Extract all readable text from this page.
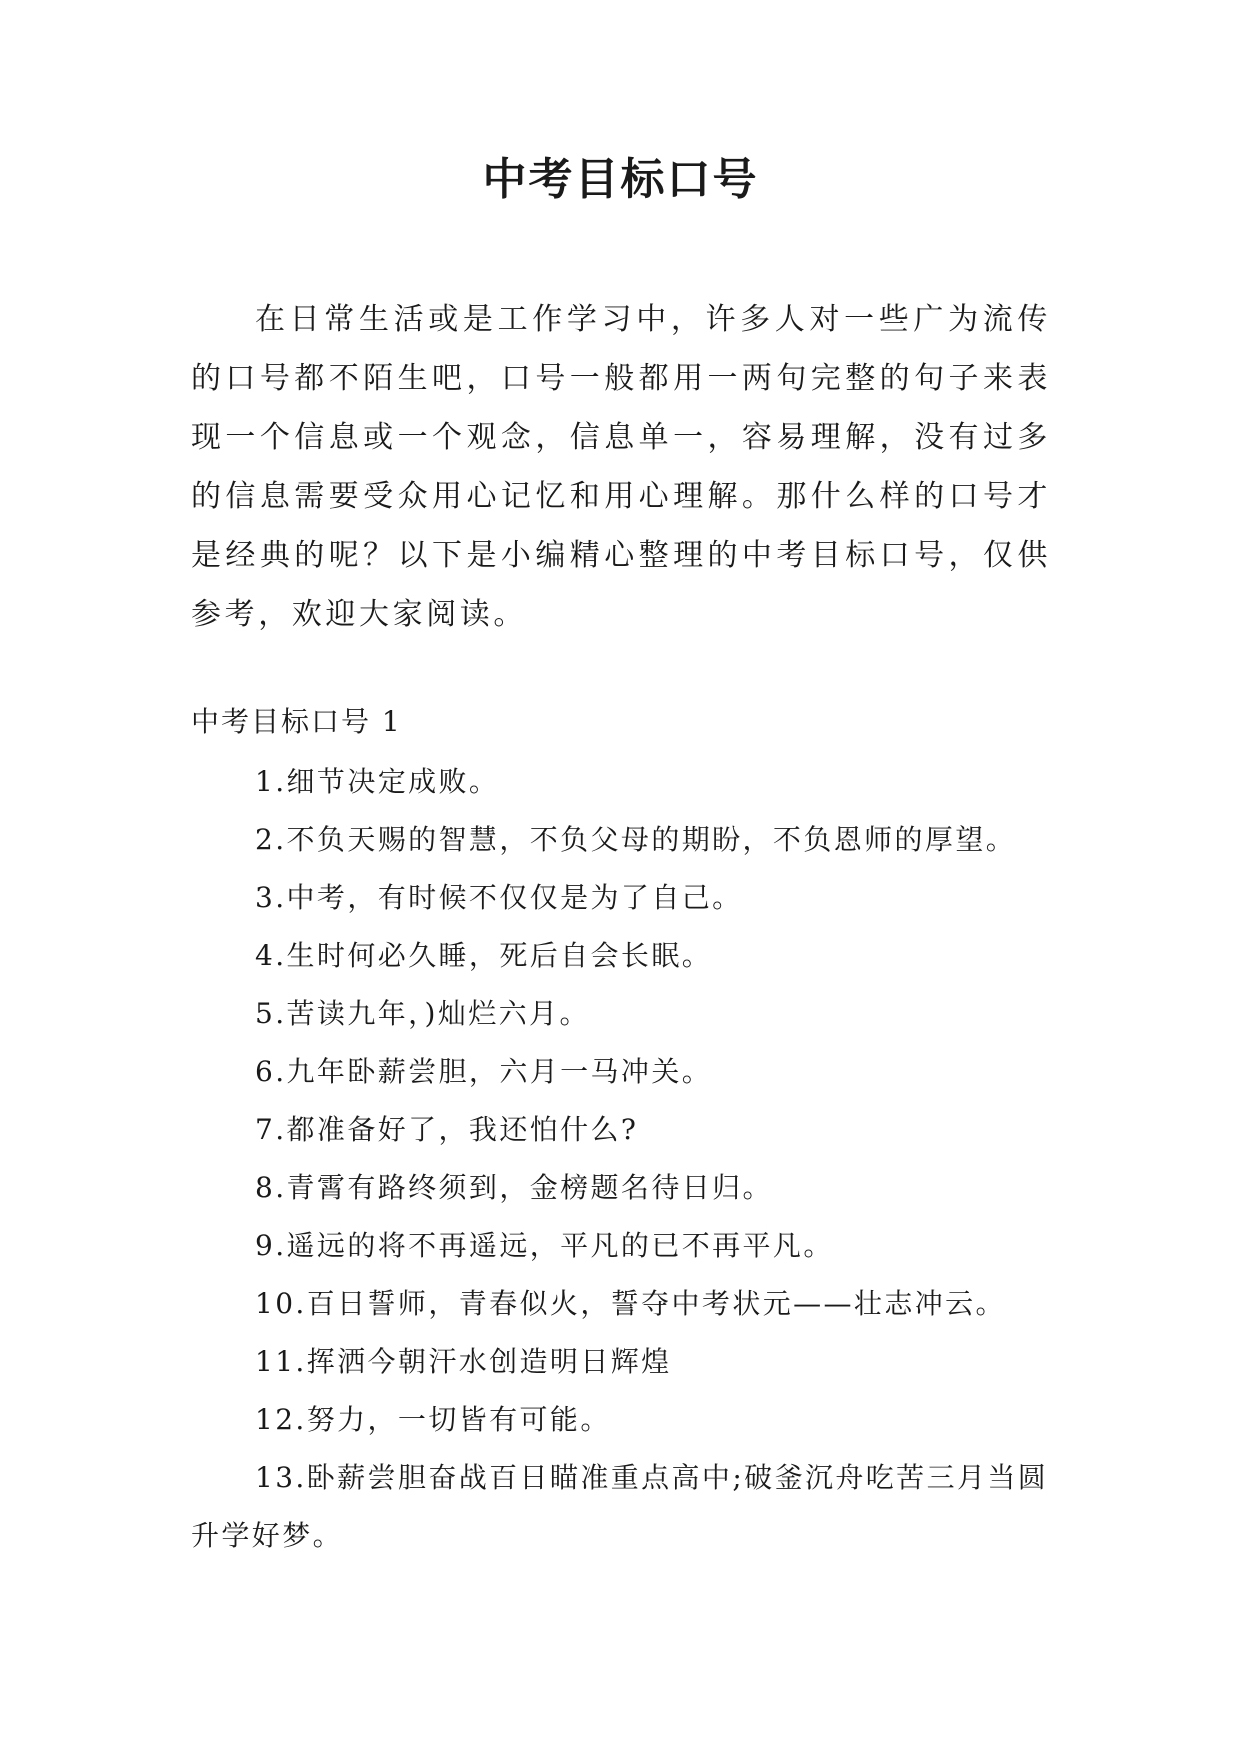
中考目标口号

在日常生活或是工作学习中，许多人对一些广为流传的口号都不陌生吧，口号一般都用一两句完整的句子来表现一个信息或一个观念，信息单一，容易理解，没有过多的信息需要受众用心记忆和用心理解。那什么样的口号才是经典的呢？以下是小编精心整理的中考目标口号，仅供参考，欢迎大家阅读。

中考目标口号 1
1.细节决定成败。
2.不负天赐的智慧，不负父母的期盼，不负恩师的厚望。
3.中考，有时候不仅仅是为了自己。
4.生时何必久睡，死后自会长眠。
5.苦读九年，)灿烂六月。
6.九年卧薪尝胆，六月一马冲关。
7.都准备好了，我还怕什么?
8.青霄有路终须到，金榜题名待日归。
9.遥远的将不再遥远，平凡的已不再平凡。
10.百日誓师，青春似火，誓夺中考状元——壮志冲云。
11.挥洒今朝汗水创造明日辉煌
12.努力，一切皆有可能。
13.卧薪尝胆奋战百日瞄准重点高中;破釜沉舟吃苦三月当圆升学好梦。
